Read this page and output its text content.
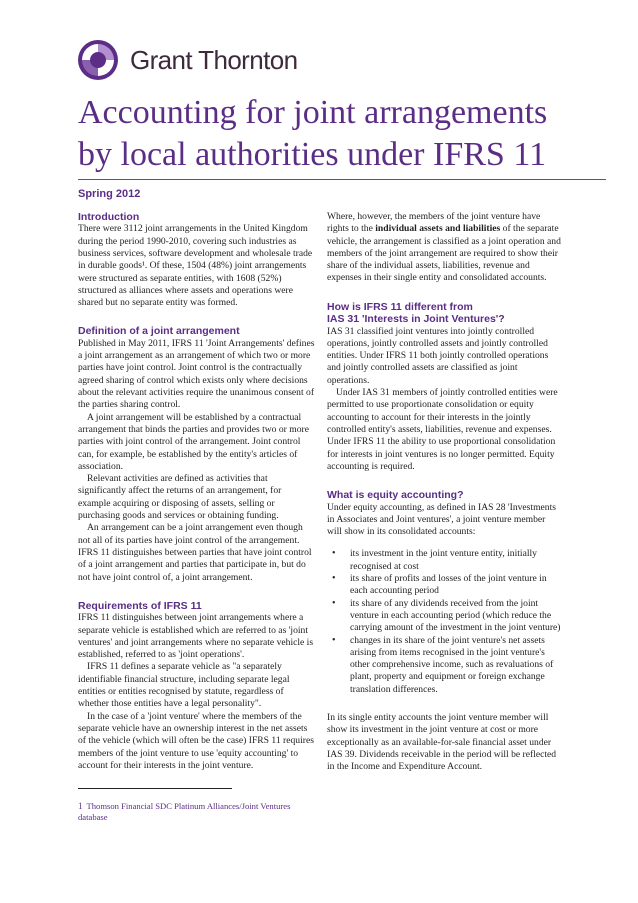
Grant Thornton
Accounting for joint arrangements
by local authorities under IFRS 11
Spring 2012
Introduction

There were 3112 joint arrangements in the United Kingdom during the period 1990-2010, covering such industries as business services, software development and wholesale trade in durable goods¹. Of these, 1504 (48%) joint arrangements were structured as separate entities, with 1608 (52%) structured as alliances where assets and operations were shared but no separate entity was formed.

Definition of a joint arrangement

Published in May 2011, IFRS 11 'Joint Arrangements' defines a joint arrangement as an arrangement of which two or more parties have joint control. Joint control is the contractually agreed sharing of control which exists only where decisions about the relevant activities require the unanimous consent of the parties sharing control.

A joint arrangement will be established by a contractual arrangement that binds the parties and provides two or more parties with joint control of the arrangement. Joint control can, for example, be established by the entity's articles of association.

Relevant activities are defined as activities that significantly affect the returns of an arrangement, for example acquiring or disposing of assets, selling or purchasing goods and services or obtaining funding.

An arrangement can be a joint arrangement even though not all of its parties have joint control of the arrangement. IFRS 11 distinguishes between parties that have joint control of a joint arrangement and parties that participate in, but do not have joint control of, a joint arrangement.

Requirements of IFRS 11

IFRS 11 distinguishes between joint arrangements where a separate vehicle is established which are referred to as 'joint ventures' and joint arrangements where no separate vehicle is established, referred to as 'joint operations'.

IFRS 11 defines a separate vehicle as "a separately identifiable financial structure, including separate legal entities or entities recognised by statute, regardless of whether those entities have a legal personality".

In the case of a 'joint venture' where the members of the separate vehicle have an ownership interest in the net assets of the vehicle (which will often be the case) IFRS 11 requires members of the joint venture to use 'equity accounting' to account for their interests in the joint venture.

1 Thomson Financial SDC Platinum Alliances/Joint Ventures database

Where, however, the members of the joint venture have rights to the individual assets and liabilities of the separate vehicle, the arrangement is classified as a joint operation and members of the joint arrangement are required to show their share of the individual assets, liabilities, revenue and expenses in their single entity and consolidated accounts.

How is IFRS 11 different from
IAS 31 'Interests in Joint Ventures'?

IAS 31 classified joint ventures into jointly controlled operations, jointly controlled assets and jointly controlled entities. Under IFRS 11 both jointly controlled operations and jointly controlled assets are classified as joint operations.

Under IAS 31 members of jointly controlled entities were permitted to use proportionate consolidation or equity accounting to account for their interests in the jointly controlled entity's assets, liabilities, revenue and expenses. Under IFRS 11 the ability to use proportional consolidation for interests in joint ventures is no longer permitted. Equity accounting is required.

What is equity accounting?

Under equity accounting, as defined in IAS 28 'Investments in Associates and Joint ventures', a joint venture member will show in its consolidated accounts:

• its investment in the joint venture entity, initially recognised at cost
• its share of profits and losses of the joint venture in each accounting period
• its share of any dividends received from the joint venture in each accounting period (which reduce the carrying amount of the investment in the joint venture)
• changes in its share of the joint venture's net assets arising from items recognised in the joint venture's other comprehensive income, such as revaluations of plant, property and equipment or foreign exchange translation differences.

In its single entity accounts the joint venture member will show its investment in the joint venture at cost or more exceptionally as an available-for-sale financial asset under IAS 39. Dividends receivable in the period will be reflected in the Income and Expenditure Account.
